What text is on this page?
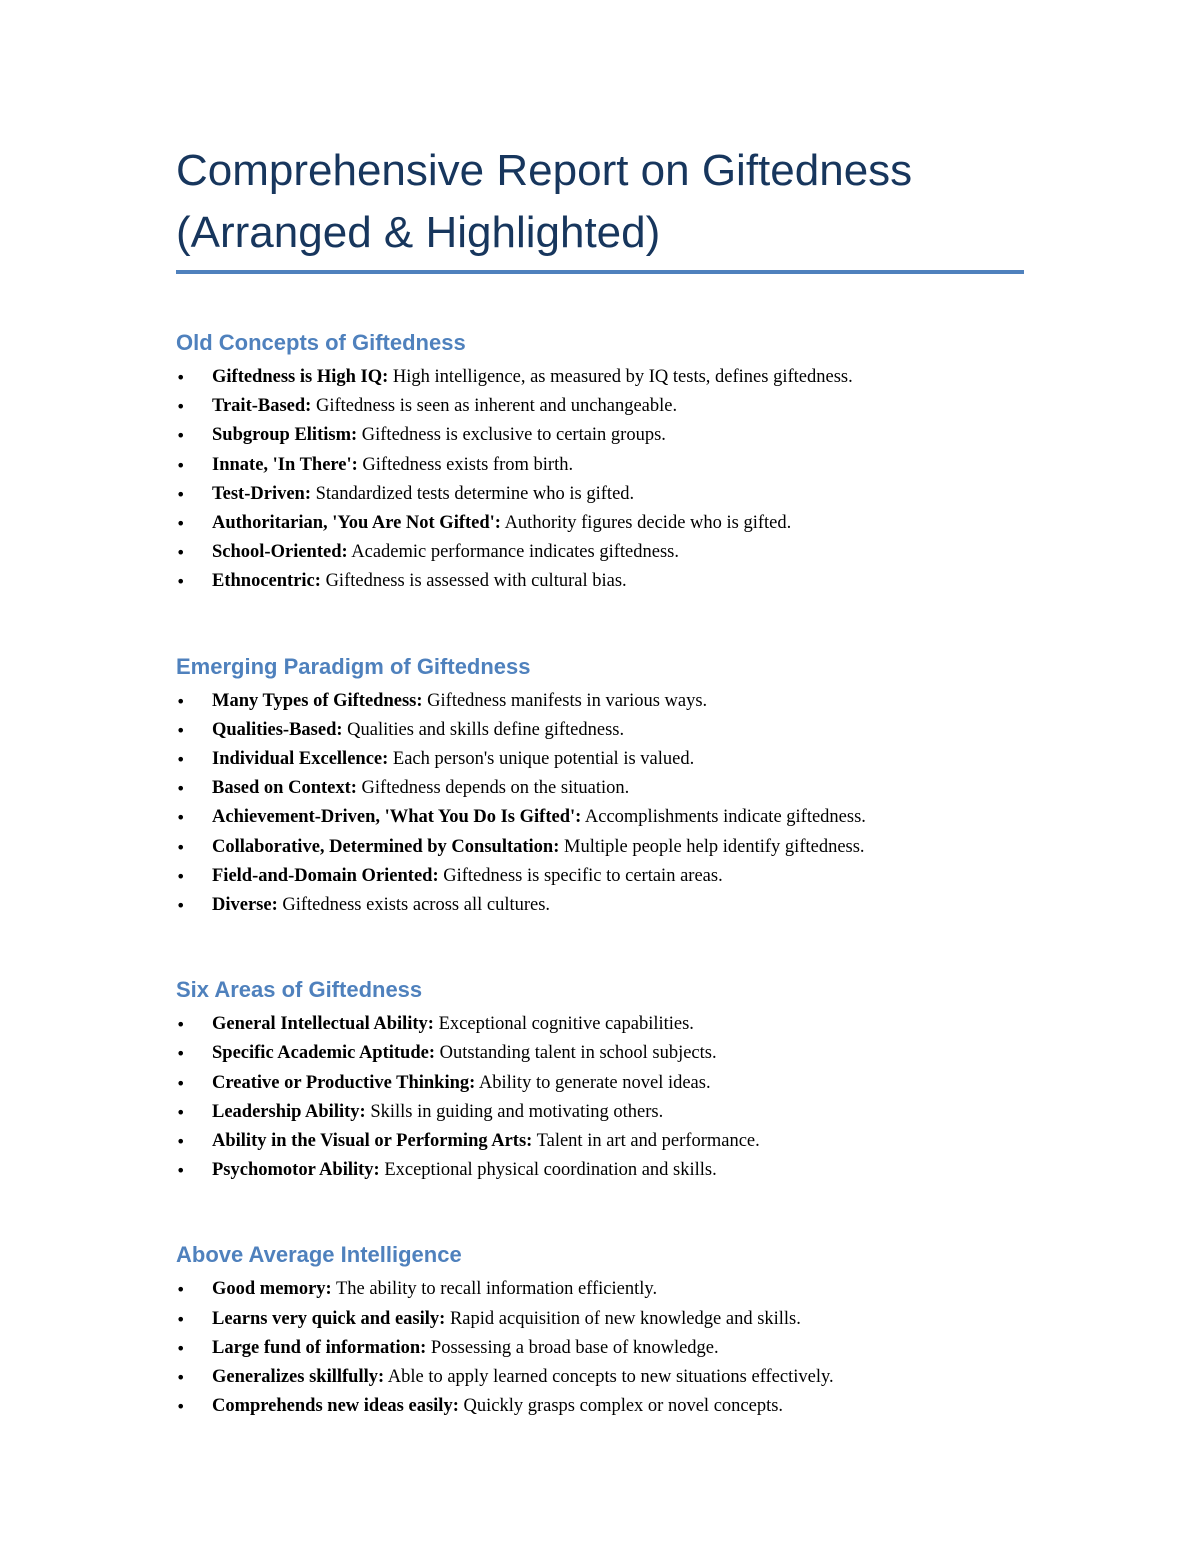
Comprehensive Report on Giftedness
(Arranged & Highlighted)
Old Concepts of Giftedness
• Giftedness is High IQ: High intelligence, as measured by IQ tests, defines giftedness.
• Trait-Based: Giftedness is seen as inherent and unchangeable.
• Subgroup Elitism: Giftedness is exclusive to certain groups.
• Innate, 'In There': Giftedness exists from birth.
• Test-Driven: Standardized tests determine who is gifted.
• Authoritarian, 'You Are Not Gifted': Authority figures decide who is gifted.
• School-Oriented: Academic performance indicates giftedness.
• Ethnocentric: Giftedness is assessed with cultural bias.
Emerging Paradigm of Giftedness
• Many Types of Giftedness: Giftedness manifests in various ways.
• Qualities-Based: Qualities and skills define giftedness.
• Individual Excellence: Each person's unique potential is valued.
• Based on Context: Giftedness depends on the situation.
• Achievement-Driven, 'What You Do Is Gifted': Accomplishments indicate giftedness.
• Collaborative, Determined by Consultation: Multiple people help identify giftedness.
• Field-and-Domain Oriented: Giftedness is specific to certain areas.
• Diverse: Giftedness exists across all cultures.
Six Areas of Giftedness
• General Intellectual Ability: Exceptional cognitive capabilities.
• Specific Academic Aptitude: Outstanding talent in school subjects.
• Creative or Productive Thinking: Ability to generate novel ideas.
• Leadership Ability: Skills in guiding and motivating others.
• Ability in the Visual or Performing Arts: Talent in art and performance.
• Psychomotor Ability: Exceptional physical coordination and skills.
Above Average Intelligence
• Good memory: The ability to recall information efficiently.
• Learns very quick and easily: Rapid acquisition of new knowledge and skills.
• Large fund of information: Possessing a broad base of knowledge.
• Generalizes skillfully: Able to apply learned concepts to new situations effectively.
• Comprehends new ideas easily: Quickly grasps complex or novel concepts.
